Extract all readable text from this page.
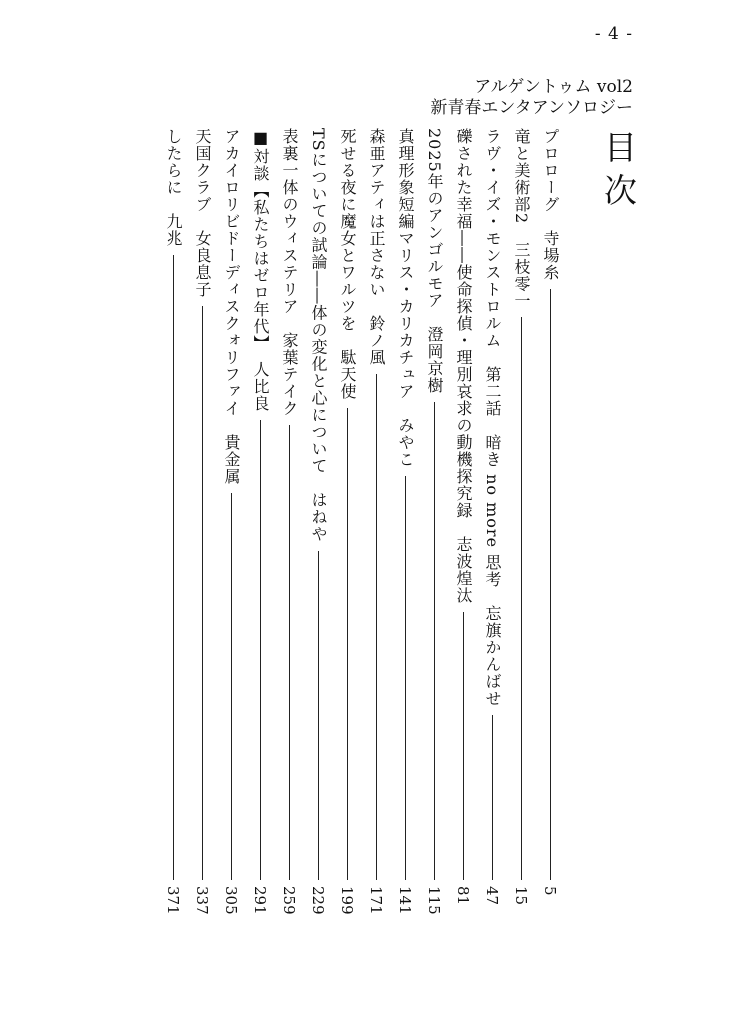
- 4 -
アルゲントゥム vol2
新青春エンタアンソロジー
目次
プロローグ　寺場糸
5
竜と美術部2　三枝零一
15
ラヴ・イズ・モンストロルム　第二話　暗き no more 思考　忘旗かんばせ
47
礫された幸福――使命探偵・理別哀求の動機探究録　志波煌汰
81
2025年のアンゴルモア　澄岡京樹
115
真理形象短編マリス・カリカチュア　みやこ
141
森亜アティは正さない　鈴ノ風
171
死せる夜に魔女とワルツを　駄天使
199
TSについての試論――体の変化と心について　はねや
229
表裏一体のウィステリア　家葉テイク
259
■対談【私たちはゼロ年代】　人比良
291
アカイロリビドーディスクォリファイ　貴金属
305
天国クラブ　女良息子
337
したらに　九兆
371
